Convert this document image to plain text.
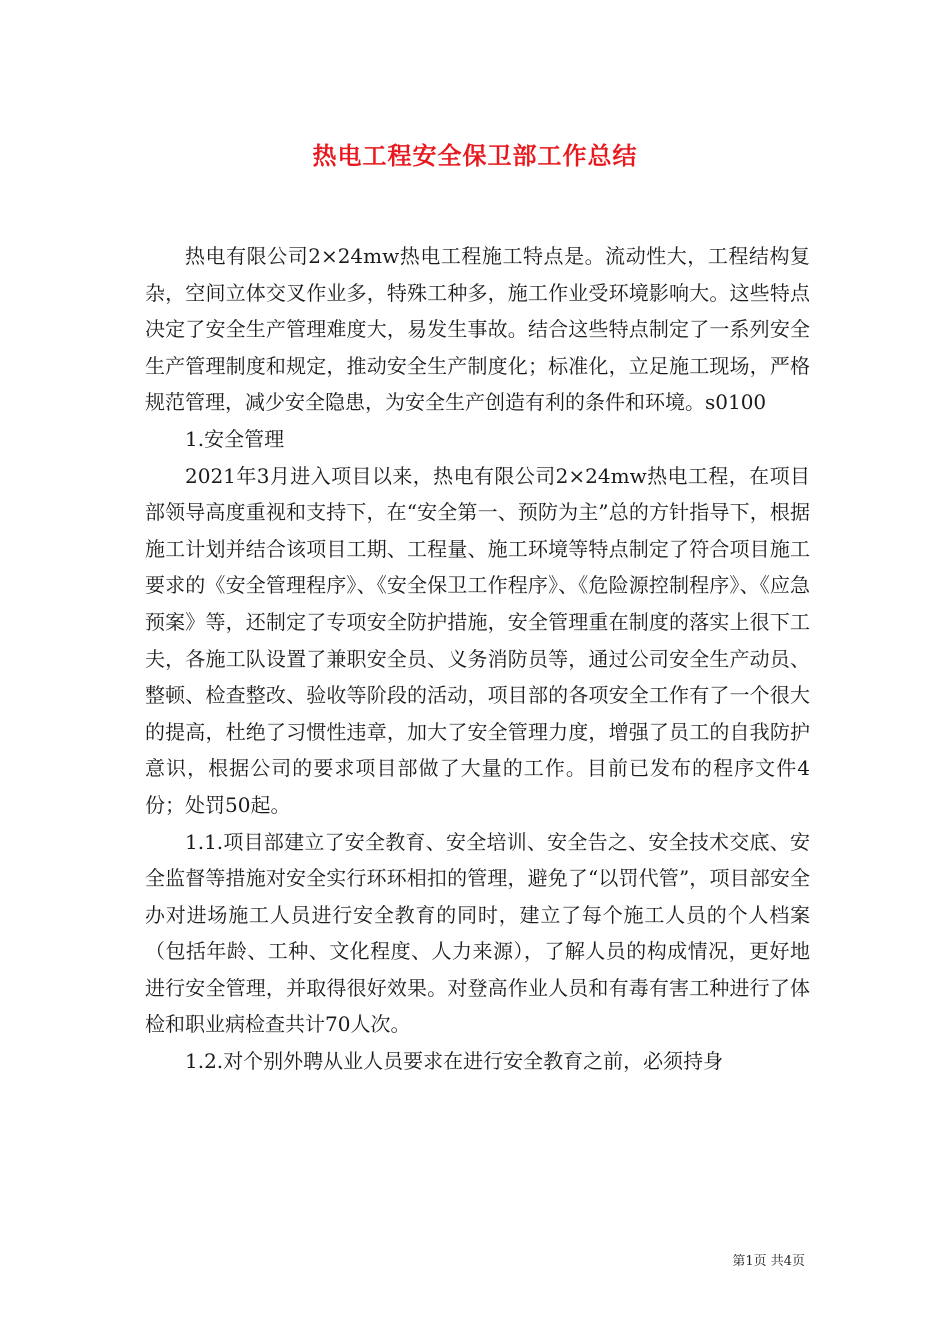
热电工程安全保卫部工作总结

热电有限公司2×24mw热电工程施工特点是。流动性大，工程结构复杂，空间立体交叉作业多，特殊工种多，施工作业受环境影响大。这些特点决定了安全生产管理难度大，易发生事故。结合这些特点制定了一系列安全生产管理制度和规定，推动安全生产制度化；标准化，立足施工现场，严格规范管理，减少安全隐患，为安全生产创造有利的条件和环境。s0100

1.安全管理

2021年3月进入项目以来，热电有限公司2×24mw热电工程，在项目部领导高度重视和支持下，在“安全第一、预防为主”总的方针指导下，根据施工计划并结合该项目工期、工程量、施工环境等特点制定了符合项目施工要求的《安全管理程序》、《安全保卫工作程序》、《危险源控制程序》、《应急预案》等，还制定了专项安全防护措施，安全管理重在制度的落实上很下工夫，各施工队设置了兼职安全员、义务消防员等，通过公司安全生产动员、整顿、检查整改、验收等阶段的活动，项目部的各项安全工作有了一个很大的提高，杜绝了习惯性违章，加大了安全管理力度，增强了员工的自我防护意识，根据公司的要求项目部做了大量的工作。目前已发布的程序文件4份；处罚50起。

1.1.项目部建立了安全教育、安全培训、安全告之、安全技术交底、安全监督等措施对安全实行环环相扣的管理，避免了“以罚代管”，项目部安全办对进场施工人员进行安全教育的同时，建立了每个施工人员的个人档案（包括年龄、工种、文化程度、人力来源），了解人员的构成情况，更好地进行安全管理，并取得很好效果。对登高作业人员和有毒有害工种进行了体检和职业病检查共计70人次。

1.2.对个别外聘从业人员要求在进行安全教育之前，必须持身

第1页 共4页
